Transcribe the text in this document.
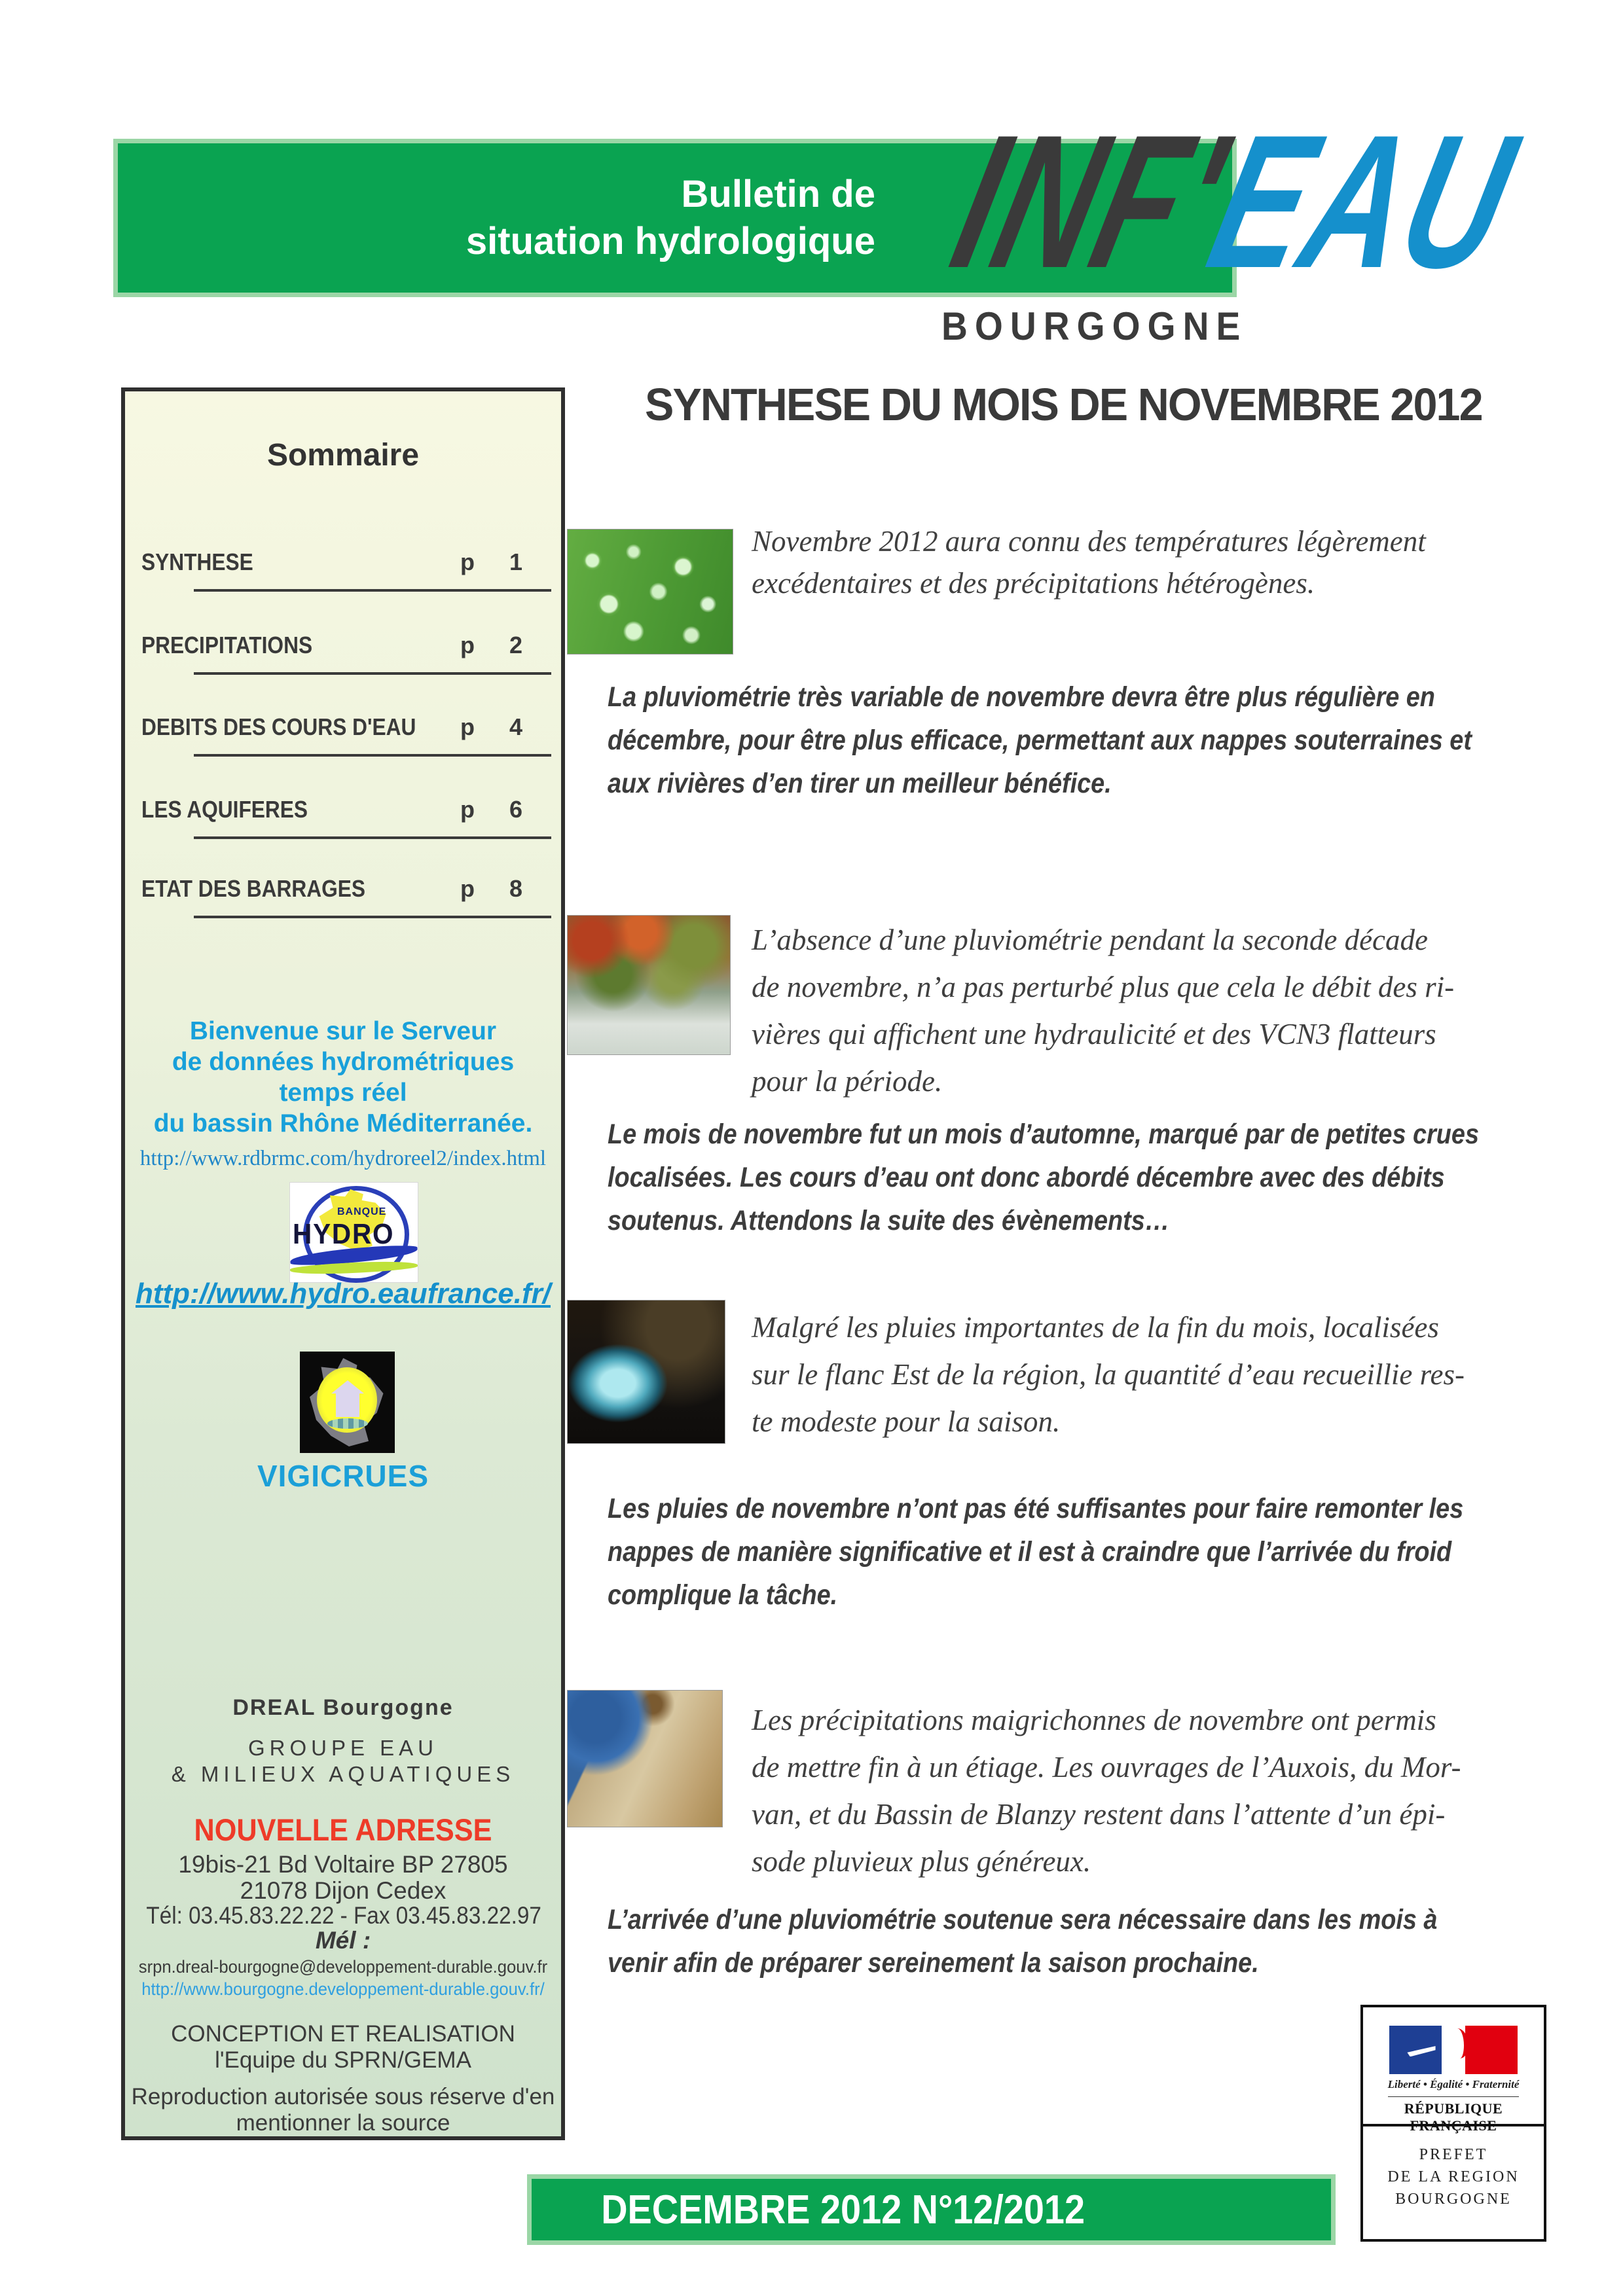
Bulletin de
situation hydrologique INF'EAU
BOURGOGNE
SYNTHESE DU MOIS DE NOVEMBRE 2012
Sommaire
SYNTHESE	p 1
PRECIPITATIONS	p 2
DEBITS DES COURS D'EAU p 4
LES AQUIFERES	p 6
ETAT DES BARRAGES	p 8
Bienvenue sur le Serveur
de données hydrométriques
temps réel
du bassin Rhône Méditerranée.
http://www.rdbrmc.com/hydroreel2/index.html
BANQUE
HYDRO
http://www.hydro.eaufrance.fr/
VIGICRUES
DREAL Bourgogne
GROUPE EAU
& MILIEUX AQUATIQUES
NOUVELLE ADRESSE
19bis-21 Bd Voltaire BP 27805
21078 Dijon Cedex
Tél: 03.45.83.22.22 - Fax 03.45.83.22.97
Mél :
srpn.dreal-bourgogne@developpement-durable.gouv.fr
http://www.bourgogne.developpement-durable.gouv.fr/
CONCEPTION ET REALISATION
l'Equipe du SPRN/GEMA
Reproduction autorisée sous réserve d'en
mentionner la source
Novembre 2012 aura connu des températures légèrement
excédentaires et des précipitations hétérogènes.
La pluviométrie très variable de novembre devra être plus régulière en
décembre, pour être plus efficace, permettant aux nappes souterraines et
aux rivières d’en tirer un meilleur bénéfice.
L’absence d’une pluviométrie pendant la seconde décade
de novembre, n’a pas perturbé plus que cela le débit des ri-
vières qui affichent une hydraulicité et des VCN3 flatteurs
pour la période.
Le mois de novembre fut un mois d’automne, marqué par de petites crues
localisées. Les cours d’eau ont donc abordé décembre avec des débits
soutenus. Attendons la suite des évènements…
Malgré les pluies importantes de la fin du mois, localisées
sur le flanc Est de la région, la quantité d’eau recueillie res-
te modeste pour la saison.
Les pluies de novembre n’ont pas été suffisantes pour faire remonter les
nappes de manière significative et il est à craindre que l’arrivée du froid
complique la tâche.
Les précipitations maigrichonnes de novembre ont permis
de mettre fin à un étiage. Les ouvrages de l’Auxois, du Mor-
van, et du Bassin de Blanzy restent dans l’attente d’un épi-
sode pluvieux plus généreux.
L’arrivée d’une pluviométrie soutenue sera nécessaire dans les mois à
venir afin de préparer sereinement la saison prochaine.
DECEMBRE 2012 N°12/2012
Liberté • Égalité • Fraternité
RÉPUBLIQUE FRANÇAISE
PREFET
DE LA REGION
BOURGOGNE
